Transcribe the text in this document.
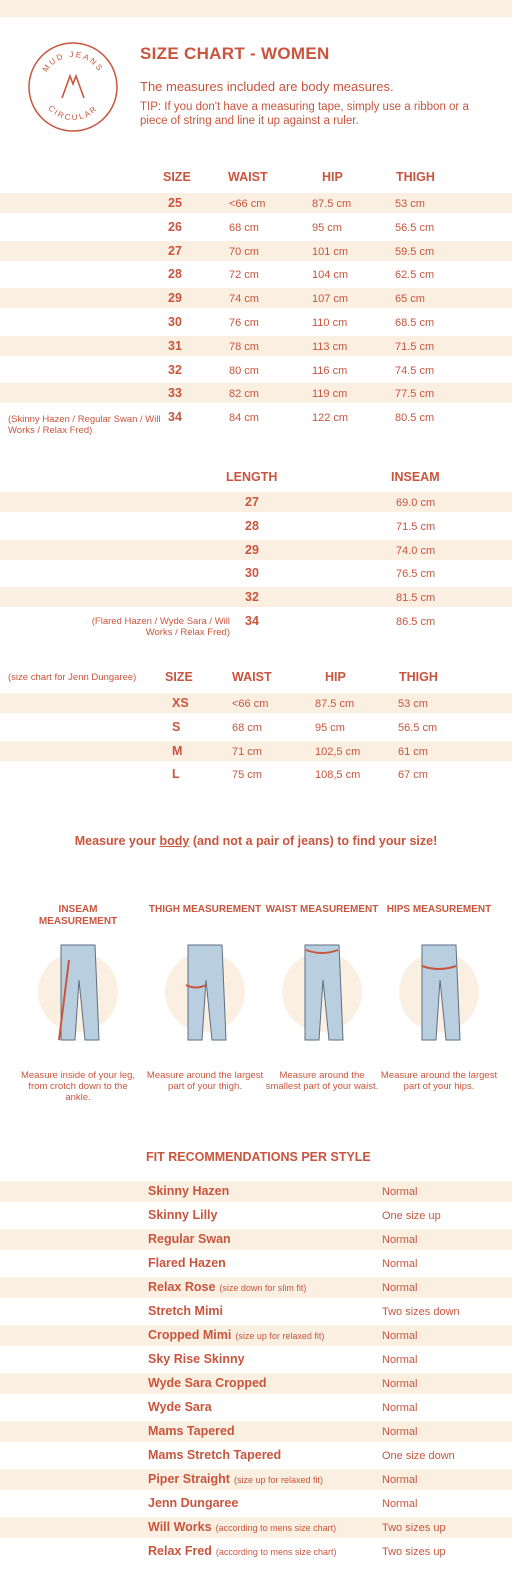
MUD JEANS
CIRCULAR
SIZE CHART - WOMEN
The measures included are body measures.
TIP: If you don't have a measuring tape, simply use a ribbon or a piece of string and line it up against a ruler.
SIZE	WAIST	HIP	THIGH
25	<66 cm	87.5 cm	53 cm
26	68 cm	95 cm	56.5 cm
27	70 cm	101 cm	59.5 cm
28	72 cm	104 cm	62.5 cm
29	74 cm	107 cm	65 cm
30	76 cm	110 cm	68.5 cm
31	78 cm	113 cm	71.5 cm
32	80 cm	116 cm	74.5 cm
33	82 cm	119 cm	77.5 cm
34	84 cm	122 cm	80.5 cm
(Skinny Hazen / Regular Swan / Will Works / Relax Fred)
LENGTH	INSEAM
27	69.0 cm
28	71.5 cm
29	74.0 cm
30	76.5 cm
32	81.5 cm
34	86.5 cm
(Flared Hazen / Wyde Sara / Will Works / Relax Fred)
(size chart for Jenn Dungaree) SIZE	WAIST	HIP	THIGH
XS	<66 cm	87.5 cm	53 cm
S	68 cm	95 cm	56.5 cm
M	71 cm	102,5 cm	61 cm
L	75 cm	108,5 cm	67 cm
Measure your body (and not a pair of jeans) to find your size!
INSEAM MEASUREMENT
Measure inside of your leg, from crotch down to the ankle.
THIGH MEASUREMENT
Measure around the largest part of your thigh.
WAIST MEASUREMENT
Measure around the smallest part of your waist.
HIPS MEASUREMENT
Measure around the largest part of your hips.
FIT RECOMMENDATIONS PER STYLE
Skinny Hazen	Normal
Skinny Lilly	One size up
Regular Swan	Normal
Flared Hazen	Normal
Relax Rose (size down for slim fit)	Normal
Stretch Mimi	Two sizes down
Cropped Mimi (size up for relaxed fit)	Normal
Sky Rise Skinny	Normal
Wyde Sara Cropped	Normal
Wyde Sara	Normal
Mams Tapered	Normal
Mams Stretch Tapered	One size down
Piper Straight (size up for relaxed fit)	Normal
Jenn Dungaree	Normal
Will Works (according to mens size chart)	Two sizes up
Relax Fred (according to mens size chart)	Two sizes up
